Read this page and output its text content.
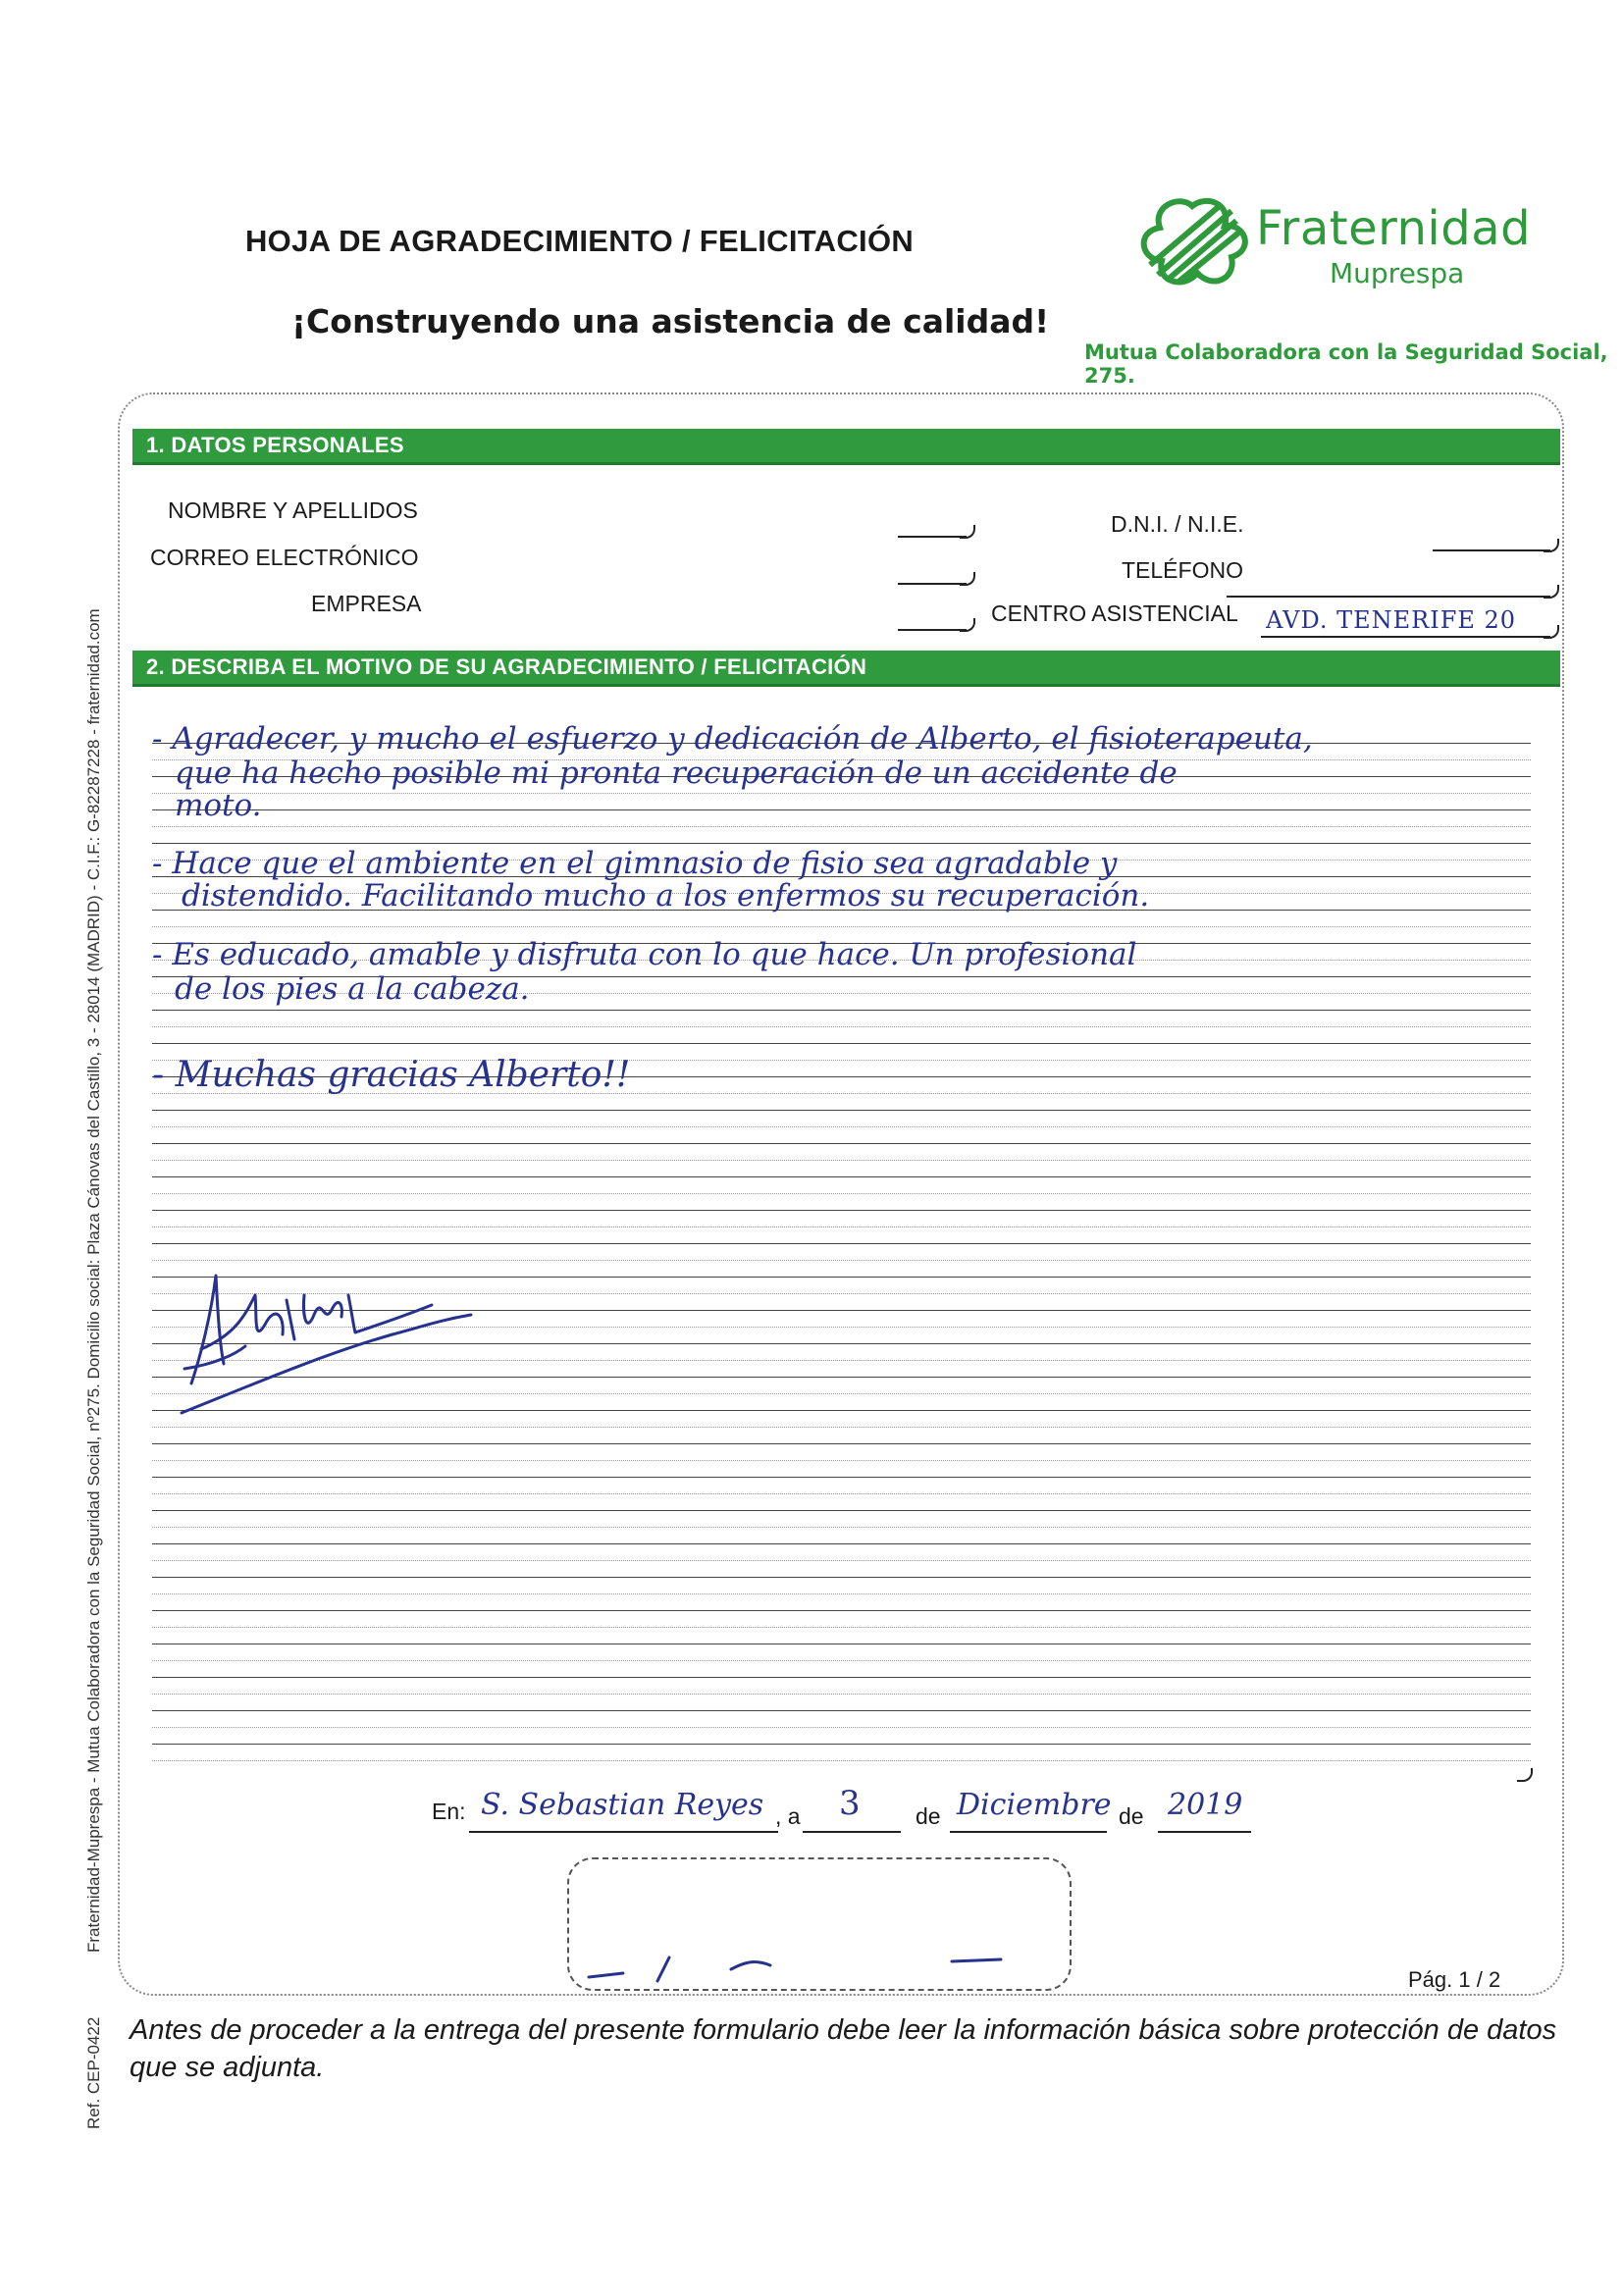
HOJA DE AGRADECIMIENTO / FELICITACIÓN
¡Construyendo una asistencia de calidad!
Fraternidad
Muprespa
Mutua Colaboradora con la Seguridad Social, 275.
1. DATOS PERSONALES
NOMBRE Y APELLIDOS
CORREO ELECTRÓNICO
EMPRESA
D.N.I. / N.I.E.
TELÉFONO
CENTRO ASISTENCIAL AVD. TENERIFE 20
2. DESCRIBA EL MOTIVO DE SU AGRADECIMIENTO / FELICITACIÓN
- Agradecer, y mucho el esfuerzo y dedicación de Alberto, el fisioterapeuta,
que ha hecho posible mi pronta recuperación de un accidente de
moto.
- Hace que el ambiente en el gimnasio de fisio sea agradable y
distendido. Facilitando mucho a los enfermos su recuperación.
- Es educado, amable y disfruta con lo que hace. Un profesional
de los pies a la cabeza.
- Muchas gracias Alberto!!
En: S. Sebastian Reyes , a 3 de Diciembre de 2019
Pág. 1 / 2
Antes de proceder a la entrega del presente formulario debe leer la información básica sobre protección de datos que se adjunta.
Fraternidad-Muprespa - Mutua Colaboradora con la Seguridad Social, nº275. Domicilio social: Plaza Cánovas del Castillo, 3 - 28014 (MADRID) - C.I.F.: G-82287228 - fraternidad.com
Ref. CEP-0422
